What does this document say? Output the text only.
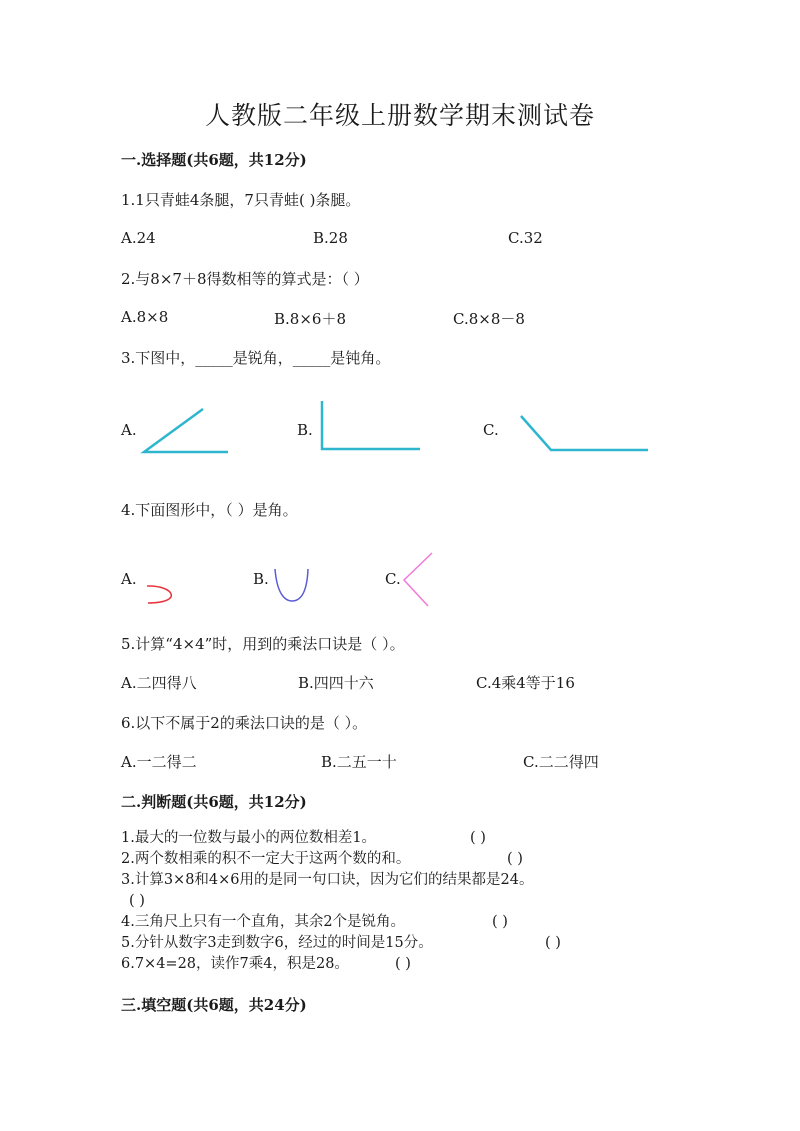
人教版二年级上册数学期末测试卷
一.选择题(共6题，共12分)
1.1只青蛙4条腿，7只青蛙( )条腿。
A.24	B.28	C.32
2.与8×7＋8得数相等的算式是：（ ）
A.8×8	B.8×6＋8	C.8×8－8
3.下图中，_____是锐角，_____是钝角。
A.	B.	C.
4.下面图形中，（ ）是角。
A.	B.	C.
5.计算“4×4”时，用到的乘法口诀是（ ）。
A.二四得八	B.四四十六	C.4乘4等于16
6.以下不属于2的乘法口诀的是（ ）。
A.一二得二	B.二五一十	C.二二得四
二.判断题(共6题，共12分)
1.最大的一位数与最小的两位数相差1。	( )
2.两个数相乘的积不一定大于这两个数的和。	( )
3.计算3×8和4×6用的是同一句口诀，因为它们的结果都是24。
( )
4.三角尺上只有一个直角，其余2个是锐角。	( )
5.分针从数字3走到数字6，经过的时间是15分。	( )
6.7×4=28，读作7乘4，积是28。	( )
三.填空题(共6题，共24分)
